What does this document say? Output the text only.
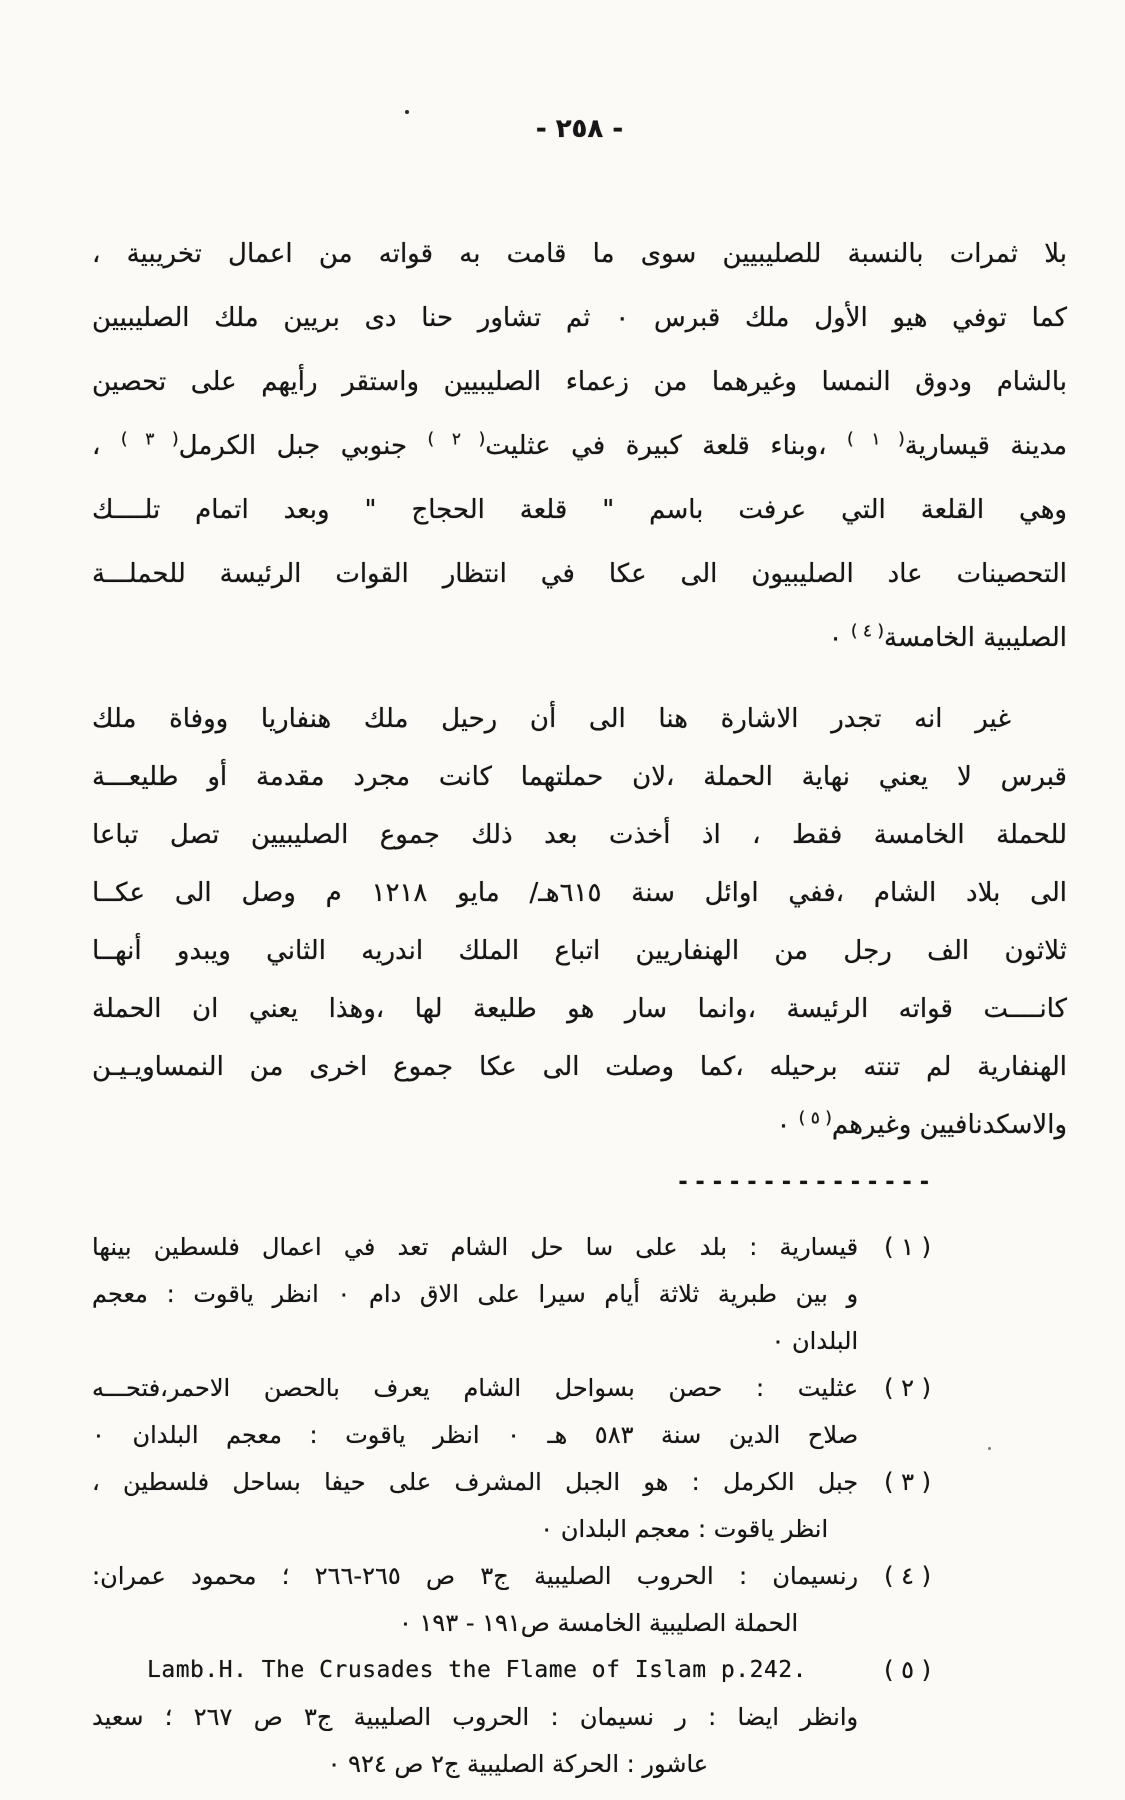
- ٢٥٨ -
بلا ثمرات بالنسبة للصليبيين سوى ما قامت به قواته من اعمال تخريبية ،
كما توفي هيو الأول ملك قبرس ٠ ثم تشاور حنا دى بريين ملك الصليبيين
بالشام ودوق النمسا وغيرهما من زعماء الصليبيين واستقر رأيهم على تحصين
مدينة قيسارية$^{( ١ )}$ ،وبناء قلعة كبيرة في عثليت$^{( ٢ )}$ جنوبي جبل الكرمل$^{( ٣ )}$ ،
وهي القلعة التي عرفت باسم " قلعة الحجاج " وبعد اتمام تلــــك
التحصينات عاد الصليبيون الى عكا في انتظار القوات الرئيسة للحملـــة
الصليبية الخامسة$^{( ٤ )}$ ٠
غير انه تجدر الاشارة هنا الى أن رحيل ملك هنفاريا ووفاة ملك
قبرس لا يعني نهاية الحملة ،لان حملتهما كانت مجرد مقدمة أو طليعـــة
للحملة الخامسة فقط ، اذ أخذت بعد ذلك جموع الصليبيين تصل تباعا
الى بلاد الشام ،ففي اوائل سنة ٦١٥هـ/ مايو ١٢١٨ م وصل الى عكــا
ثلاثون الف رجل من الهنفاريين اتباع الملك اندريه الثاني ويبدو أنهــا
كانــــت قواته الرئيسة ،وانما سار هو طليعة لها ،وهذا يعني ان الحملة
الهنفارية لم تنته برحيله ،كما وصلت الى عكا جموع اخرى من النمساويـيـن
والاسكدنافيين وغيرهم$^{( ٥ )}$ ٠
---------------
( ١ )
قيسارية : بلد على سا حل الشام تعد في اعمال فلسطين بينها
و بين طبرية ثلاثة أيام سيرا على الاق دام ٠ انظر ياقوت : معجم
البلدان ٠
( ٢ )
عثليت : حصن بسواحل الشام يعرف بالحصن الاحمر،فتحـــه
صلاح الدين سنة ٥٨٣ هـ ٠ انظر ياقوت : معجم البلدان ٠
( ٣ )
جبل الكرمل : هو الجبل المشرف على حيفا بساحل فلسطين ،
انظر ياقوت : معجم البلدان ٠
( ٤ )
رنسيمان : الحروب الصليبية ج٣ ص ٢٦٥-٢٦٦ ؛ محمود عمران:
الحملة الصليبية الخامسة ص١٩١ - ١٩٣ ٠
( ٥ )
Lamb.H. The Crusades the Flame of Islam p.242.
وانظر ايضا : ر نسيمان : الحروب الصليبية ج٣ ص ٢٦٧ ؛ سعيد
عاشور : الحركة الصليبية ج٢ ص ٩٢٤ ٠
